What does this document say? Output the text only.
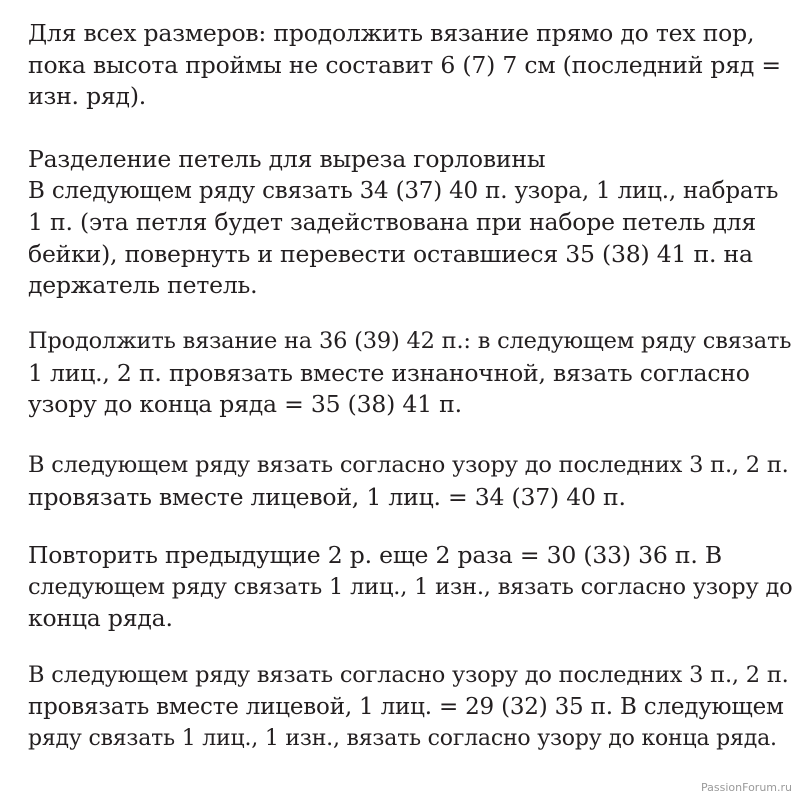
Для всех размеров: продолжить вязание прямо до тех пор,
пока высота проймы не составит 6 (7) 7 см (последний ряд =
изн. ряд).
Разделение петель для выреза горловины
В следующем ряду связать 34 (37) 40 п. узора, 1 лиц., набрать
1 п. (эта петля будет задействована при наборе петель для
бейки), повернуть и перевести оставшиеся 35 (38) 41 п. на
держатель петель.
Продолжить вязание на 36 (39) 42 п.: в следующем ряду связать
1 лиц., 2 п. провязать вместе изнаночной, вязать согласно
узору до конца ряда = 35 (38) 41 п.
В следующем ряду вязать согласно узору до последних 3 п., 2 п.
провязать вместе лицевой, 1 лиц. = 34 (37) 40 п.
Повторить предыдущие 2 р. еще 2 раза = 30 (33) 36 п. В
следующем ряду связать 1 лиц., 1 изн., вязать согласно узору до
конца ряда.
В следующем ряду вязать согласно узору до последних 3 п., 2 п.
провязать вместе лицевой, 1 лиц. = 29 (32) 35 п. В следующем
ряду связать 1 лиц., 1 изн., вязать согласно узору до конца ряда.
PassionForum.ru
